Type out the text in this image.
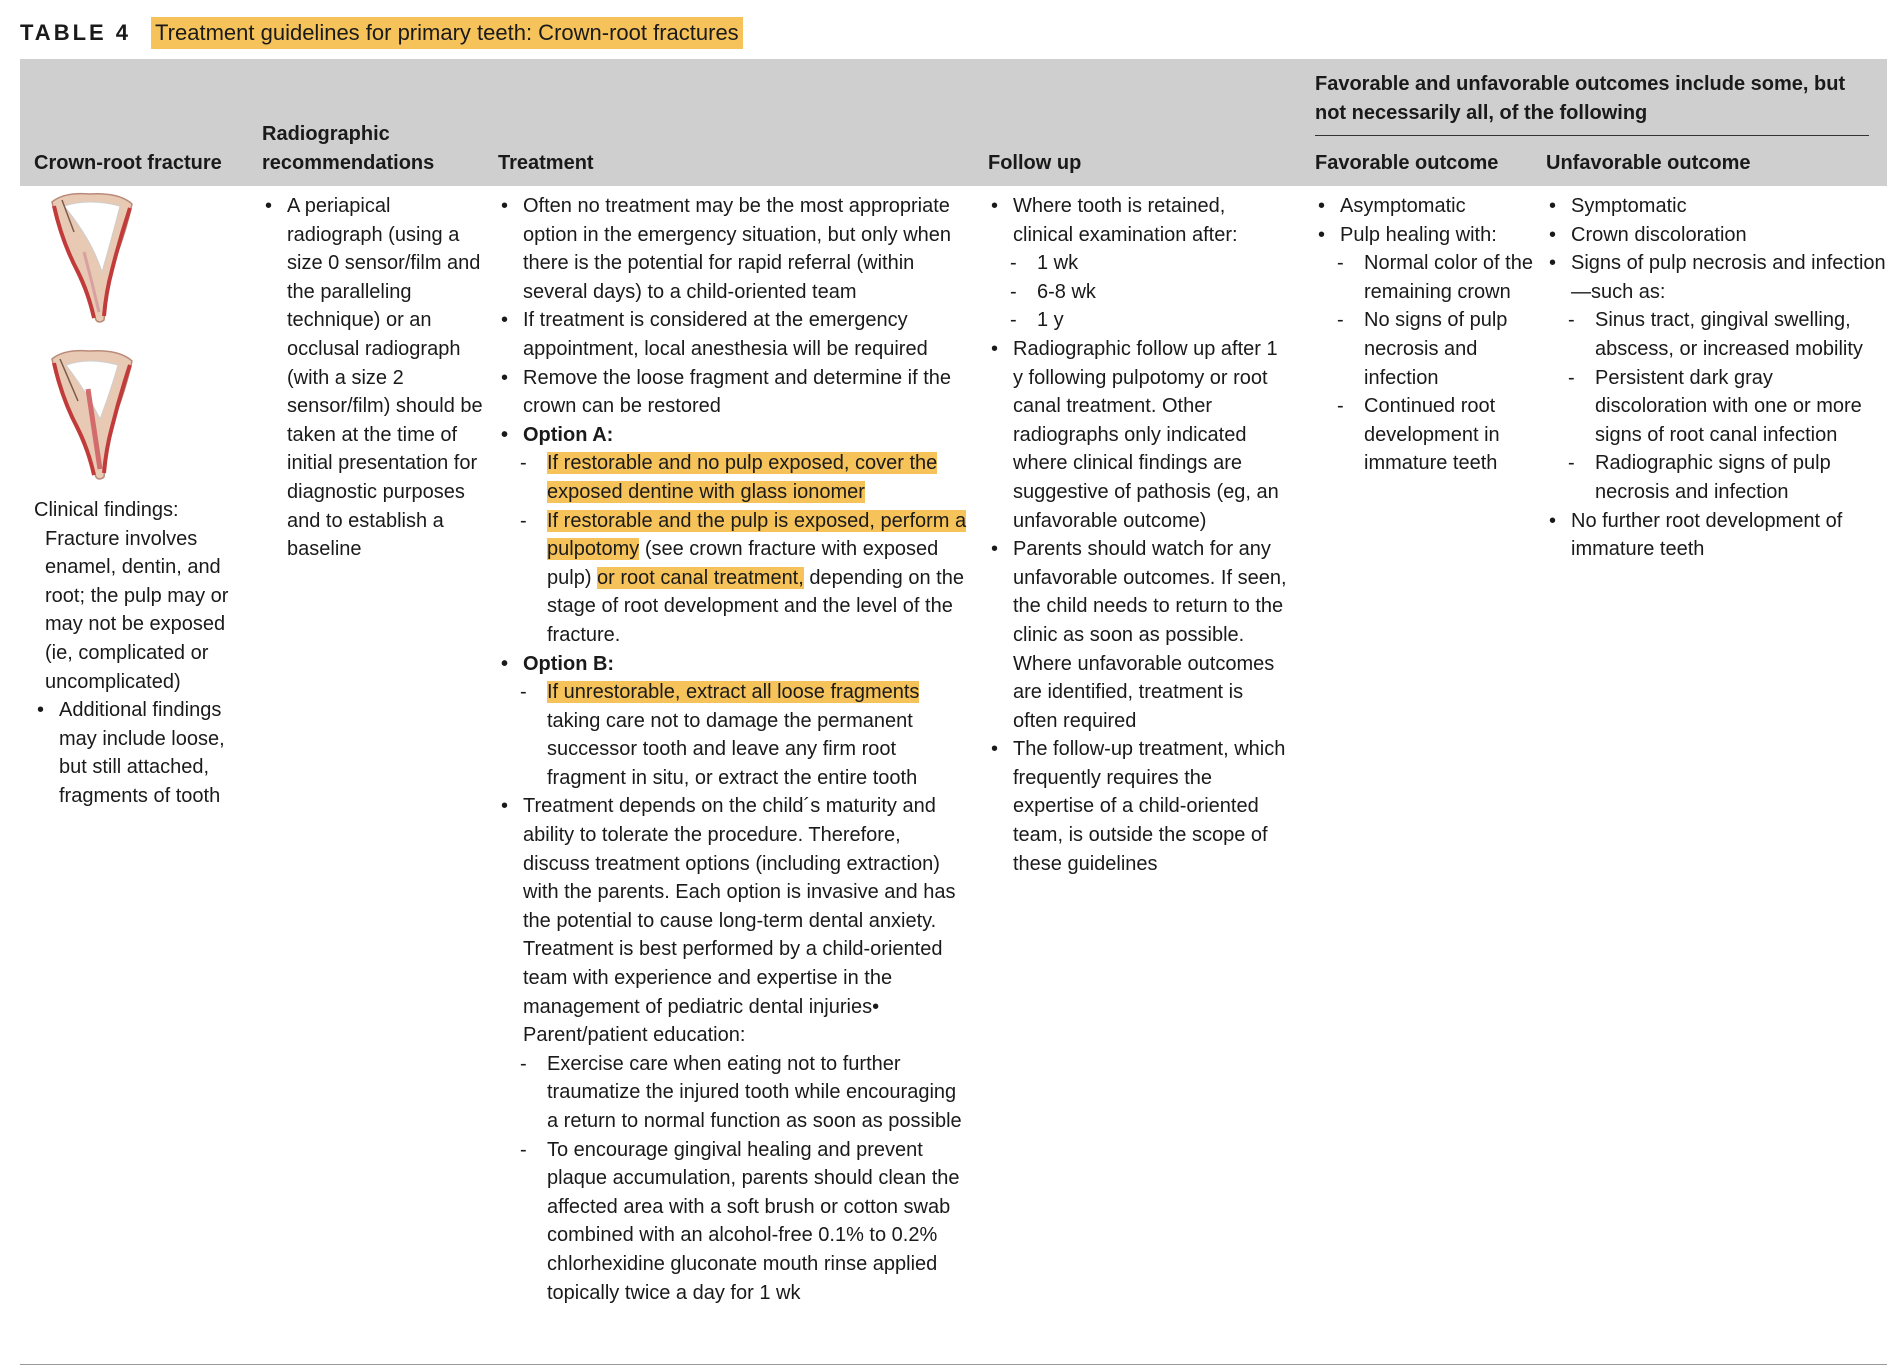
TABLE 4 Treatment guidelines for primary teeth: Crown-root fractures
Crown-root fracture
Radiographic recommendations	Treatment	Follow up
Favorable and unfavorable outcomes include some, but not necessarily all, of the following
Favorable outcome Unfavorable outcome
Clinical findings:
Fracture involves enamel, dentin, and root; the pulp may or may not be exposed (ie, complicated or uncomplicated)
• Additional findings may include loose, but still attached, fragments of tooth
• A periapical radiograph (using a size 0 sensor/film and the paralleling technique) or an occlusal radiograph (with a size 2 sensor/film) should be taken at the time of initial presentation for diagnostic purposes and to establish a baseline
• Often no treatment may be the most appropriate option in the emergency situation, but only when there is the potential for rapid referral (within several days) to a child-oriented team
• If treatment is considered at the emergency appointment, local anesthesia will be required
• Remove the loose fragment and determine if the crown can be restored
• Option A:
- If restorable and no pulp exposed, cover the exposed dentine with glass ionomer
- If restorable and the pulp is exposed, perform a pulpotomy (see crown fracture with exposed pulp) or root canal treatment, depending on the stage of root development and the level of the fracture.
• Option B:
- If unrestorable, extract all loose fragments taking care not to damage the permanent successor tooth and leave any firm root fragment in situ, or extract the entire tooth
• Treatment depends on the child´s maturity and ability to tolerate the procedure. Therefore, discuss treatment options (including extraction) with the parents. Each option is invasive and has the potential to cause long-term dental anxiety. Treatment is best performed by a child-oriented team with experience and expertise in the management of pediatric dental injuries• Parent/patient education:
- Exercise care when eating not to further traumatize the injured tooth while encouraging a return to normal function as soon as possible
- To encourage gingival healing and prevent plaque accumulation, parents should clean the affected area with a soft brush or cotton swab combined with an alcohol-free 0.1% to 0.2% chlorhexidine gluconate mouth rinse applied topically twice a day for 1 wk
• Where tooth is retained, clinical examination after:
- 1 wk
- 6-8 wk
- 1 y
• Radiographic follow up after 1 y following pulpotomy or root canal treatment. Other radiographs only indicated where clinical findings are suggestive of pathosis (eg, an unfavorable outcome)
• Parents should watch for any unfavorable outcomes. If seen, the child needs to return to the clinic as soon as possible. Where unfavorable outcomes are identified, treatment is often required
• The follow-up treatment, which frequently requires the expertise of a child-oriented team, is outside the scope of these guidelines
• Asymptomatic
• Pulp healing with:
- Normal color of the remaining crown
- No signs of pulp necrosis and infection
- Continued root development in immature teeth
• Symptomatic
• Crown discoloration
• Signs of pulp necrosis and infection—such as:
- Sinus tract, gingival swelling, abscess, or increased mobility
- Persistent dark gray discoloration with one or more signs of root canal infection
- Radiographic signs of pulp necrosis and infection
• No further root development of immature teeth
